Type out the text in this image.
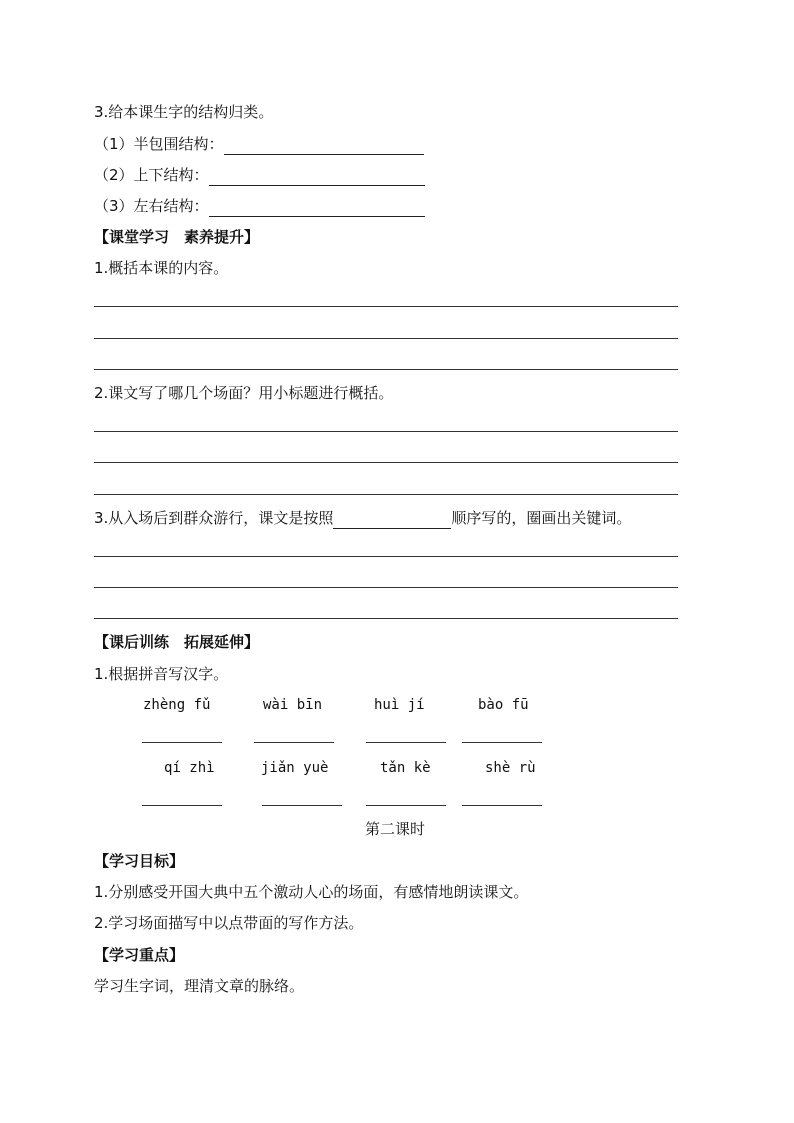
3.给本课生字的结构归类。
（1）半包围结构：
（2）上下结构：
（3）左右结构：
【课堂学习　素养提升】
1.概括本课的内容。
2.课文写了哪几个场面？用小标题进行概括。
3.从入场后到群众游行，课文是按照	顺序写的，圈画出关键词。
【课后训练　拓展延伸】
1.根据拼音写汉字。
zhèng fǔ	wài bīn	huì jí	bào fū
qí zhì	jiǎn yuè	tǎn kè	shè rù
第二课时
【学习目标】
1.分别感受开国大典中五个激动人心的场面，有感情地朗读课文。
2.学习场面描写中以点带面的写作方法。
【学习重点】
学习生字词，理清文章的脉络。
